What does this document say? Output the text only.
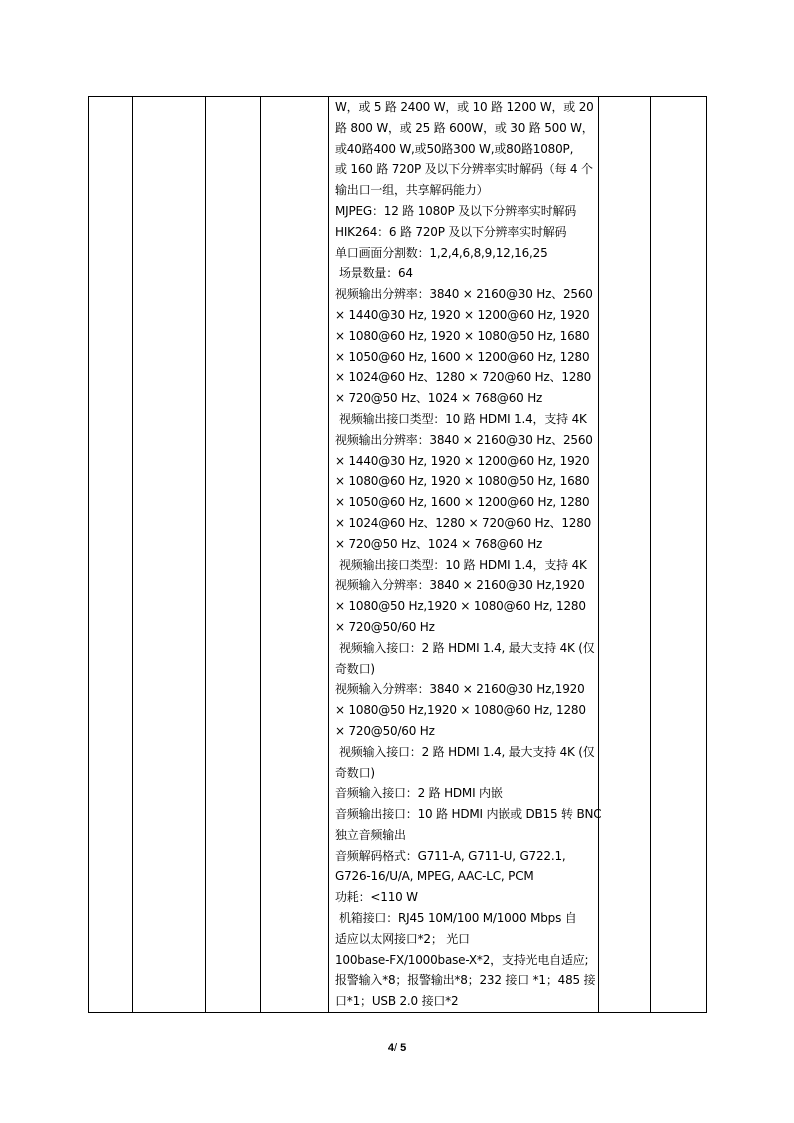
W，或 5 路 2400 W，或 10 路 1200 W，或 20
路 800 W，或 25 路 600W，或 30 路 500 W，
或40路400 W,或50路300 W,或80路1080P,
或 160 路 720P 及以下分辨率实时解码（每 4 个
输出口一组，共享解码能力）
MJPEG：12 路 1080P 及以下分辨率实时解码
HIK264：6 路 720P 及以下分辨率实时解码
单口画面分割数：1,2,4,6,8,9,12,16,25
场景数量：64
视频输出分辨率：3840 × 2160@30 Hz、2560
× 1440@30 Hz, 1920 × 1200@60 Hz, 1920
× 1080@60 Hz, 1920 × 1080@50 Hz, 1680
× 1050@60 Hz, 1600 × 1200@60 Hz, 1280
× 1024@60 Hz、1280 × 720@60 Hz、1280
× 720@50 Hz、1024 × 768@60 Hz
视频输出接口类型：10 路 HDMI 1.4，支持 4K
视频输出分辨率：3840 × 2160@30 Hz、2560
× 1440@30 Hz, 1920 × 1200@60 Hz, 1920
× 1080@60 Hz, 1920 × 1080@50 Hz, 1680
× 1050@60 Hz, 1600 × 1200@60 Hz, 1280
× 1024@60 Hz、1280 × 720@60 Hz、1280
× 720@50 Hz、1024 × 768@60 Hz
视频输出接口类型：10 路 HDMI 1.4，支持 4K
视频输入分辨率：3840 × 2160@30 Hz,1920
× 1080@50 Hz,1920 × 1080@60 Hz, 1280
× 720@50/60 Hz
视频输入接口：2 路 HDMI 1.4, 最大支持 4K (仅
奇数口)
视频输入分辨率：3840 × 2160@30 Hz,1920
× 1080@50 Hz,1920 × 1080@60 Hz, 1280
× 720@50/60 Hz
视频输入接口：2 路 HDMI 1.4, 最大支持 4K (仅
奇数口)
音频输入接口：2 路 HDMI 内嵌
音频输出接口：10 路 HDMI 内嵌或 DB15 转 BNC
独立音频输出
音频解码格式：G711-A, G711-U, G722.1,
G726-16/U/A, MPEG, AAC-LC, PCM
功耗：<110 W
机箱接口：RJ45 10M/100 M/1000 Mbps 自
适应以太网接口*2； 光口
100base-FX/1000base-X*2，支持光电自适应;
报警输入*8；报警输出*8；232 接口 *1；485 接
口*1；USB 2.0 接口*2

4/ 5
